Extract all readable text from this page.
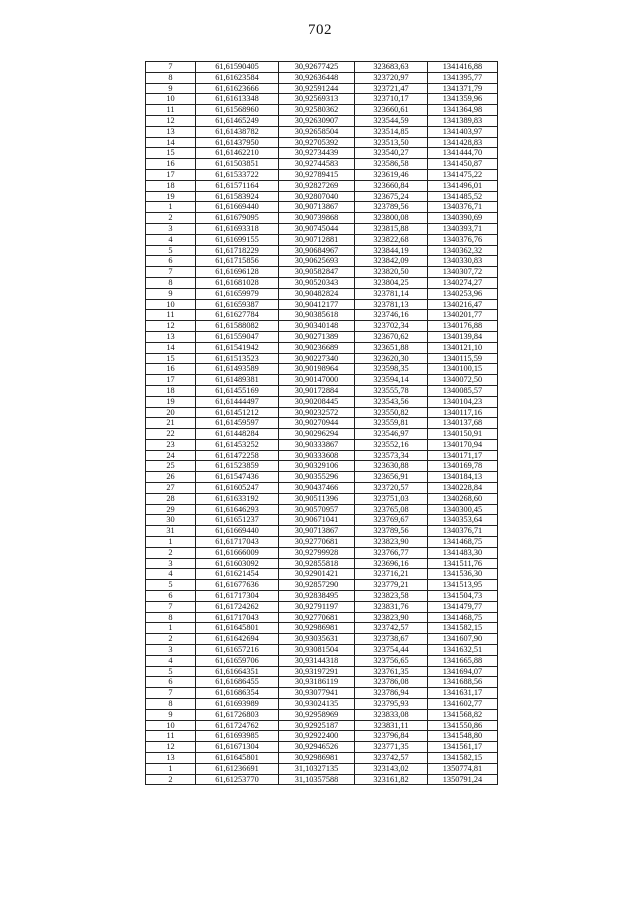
702
7	61,61590405	30,92677425	323683,63	1341416,88
8	61,61623584	30,92636448	323720,97	1341395,77
9	61,61623666	30,92591244	323721,47	1341371,79
10	61,61613348	30,92569313	323710,17	1341359,96
11	61,61568960	30,92580362	323660,61	1341364,98
12	61,61465249	30,92630907	323544,59	1341389,83
13	61,61438782	30,92658504	323514,85	1341403,97
14	61,61437950	30,92705392	323513,50	1341428,83
15	61,61462210	30,92734439	323540,27	1341444,70
16	61,61503851	30,92744583	323586,58	1341450,87
17	61,61533722	30,92789415	323619,46	1341475,22
18	61,61571164	30,92827269	323660,84	1341496,01
19	61,61583924	30,92807040	323675,24	1341485,52
1	61,61669440	30,90713867	323789,56	1340376,71
2	61,61679095	30,90739868	323800,08	1340390,69
3	61,61693318	30,90745044	323815,88	1340393,71
4	61,61699155	30,90712881	323822,68	1340376,76
5	61,61718229	30,90684967	323844,19	1340362,32
6	61,61715856	30,90625693	323842,09	1340330,83
7	61,61696128	30,90582847	323820,50	1340307,72
8	61,61681028	30,90520343	323804,25	1340274,27
9	61,61659979	30,90482824	323781,14	1340253,96
10	61,61659387	30,90412177	323781,13	1340216,47
11	61,61627784	30,90385618	323746,16	1340201,77
12	61,61588082	30,90340148	323702,34	1340176,88
13	61,61559047	30,90271389	323670,62	1340139,84
14	61,61541942	30,90236689	323651,88	1340121,10
15	61,61513523	30,90227340	323620,30	1340115,59
16	61,61493589	30,90198964	323598,35	1340100,15
17	61,61489381	30,90147000	323594,14	1340072,50
18	61,61455169	30,90172884	323555,78	1340085,57
19	61,61444497	30,90208445	323543,56	1340104,23
20	61,61451212	30,90232572	323550,82	1340117,16
21	61,61459597	30,90270944	323559,81	1340137,68
22	61,61448284	30,90296294	323546,97	1340150,91
23	61,61453252	30,90333867	323552,16	1340170,94
24	61,61472258	30,90333608	323573,34	1340171,17
25	61,61523859	30,90329106	323630,88	1340169,78
26	61,61547436	30,90355296	323656,91	1340184,13
27	61,61605247	30,90437466	323720,57	1340228,84
28	61,61633192	30,90511396	323751,03	1340268,60
29	61,61646293	30,90570957	323765,08	1340300,45
30	61,61651237	30,90671041	323769,67	1340353,64
31	61,61669440	30,90713867	323789,56	1340376,71
1	61,61717043	30,92770681	323823,90	1341468,75
2	61,61666009	30,92799928	323766,77	1341483,30
3	61,61603092	30,92855818	323696,16	1341511,76
4	61,61621454	30,92901421	323716,21	1341536,30
5	61,61677636	30,92857290	323779,21	1341513,95
6	61,61717304	30,92838495	323823,58	1341504,73
7	61,61724262	30,92791197	323831,76	1341479,77
8	61,61717043	30,92770681	323823,90	1341468,75
1	61,61645801	30,92986981	323742,57	1341582,15
2	61,61642694	30,93035631	323738,67	1341607,90
3	61,61657216	30,93081504	323754,44	1341632,51
4	61,61659706	30,93144318	323756,65	1341665,88
5	61,61664351	30,93197291	323761,35	1341694,07
6	61,61686455	30,93186119	323786,08	1341688,56
7	61,61686354	30,93077941	323786,94	1341631,17
8	61,61693989	30,93024135	323795,93	1341602,77
9	61,61726803	30,92958969	323833,08	1341568,82
10	61,61724762	30,92925187	323831,11	1341550,86
11	61,61693985	30,92922400	323796,84	1341548,80
12	61,61671304	30,92946526	323771,35	1341561,17
13	61,61645801	30,92986981	323742,57	1341582,15
1	61,61236691	31,10327135	323143,02	1350774,81
2	61,61253770	31,10357588	323161,82	1350791,24
